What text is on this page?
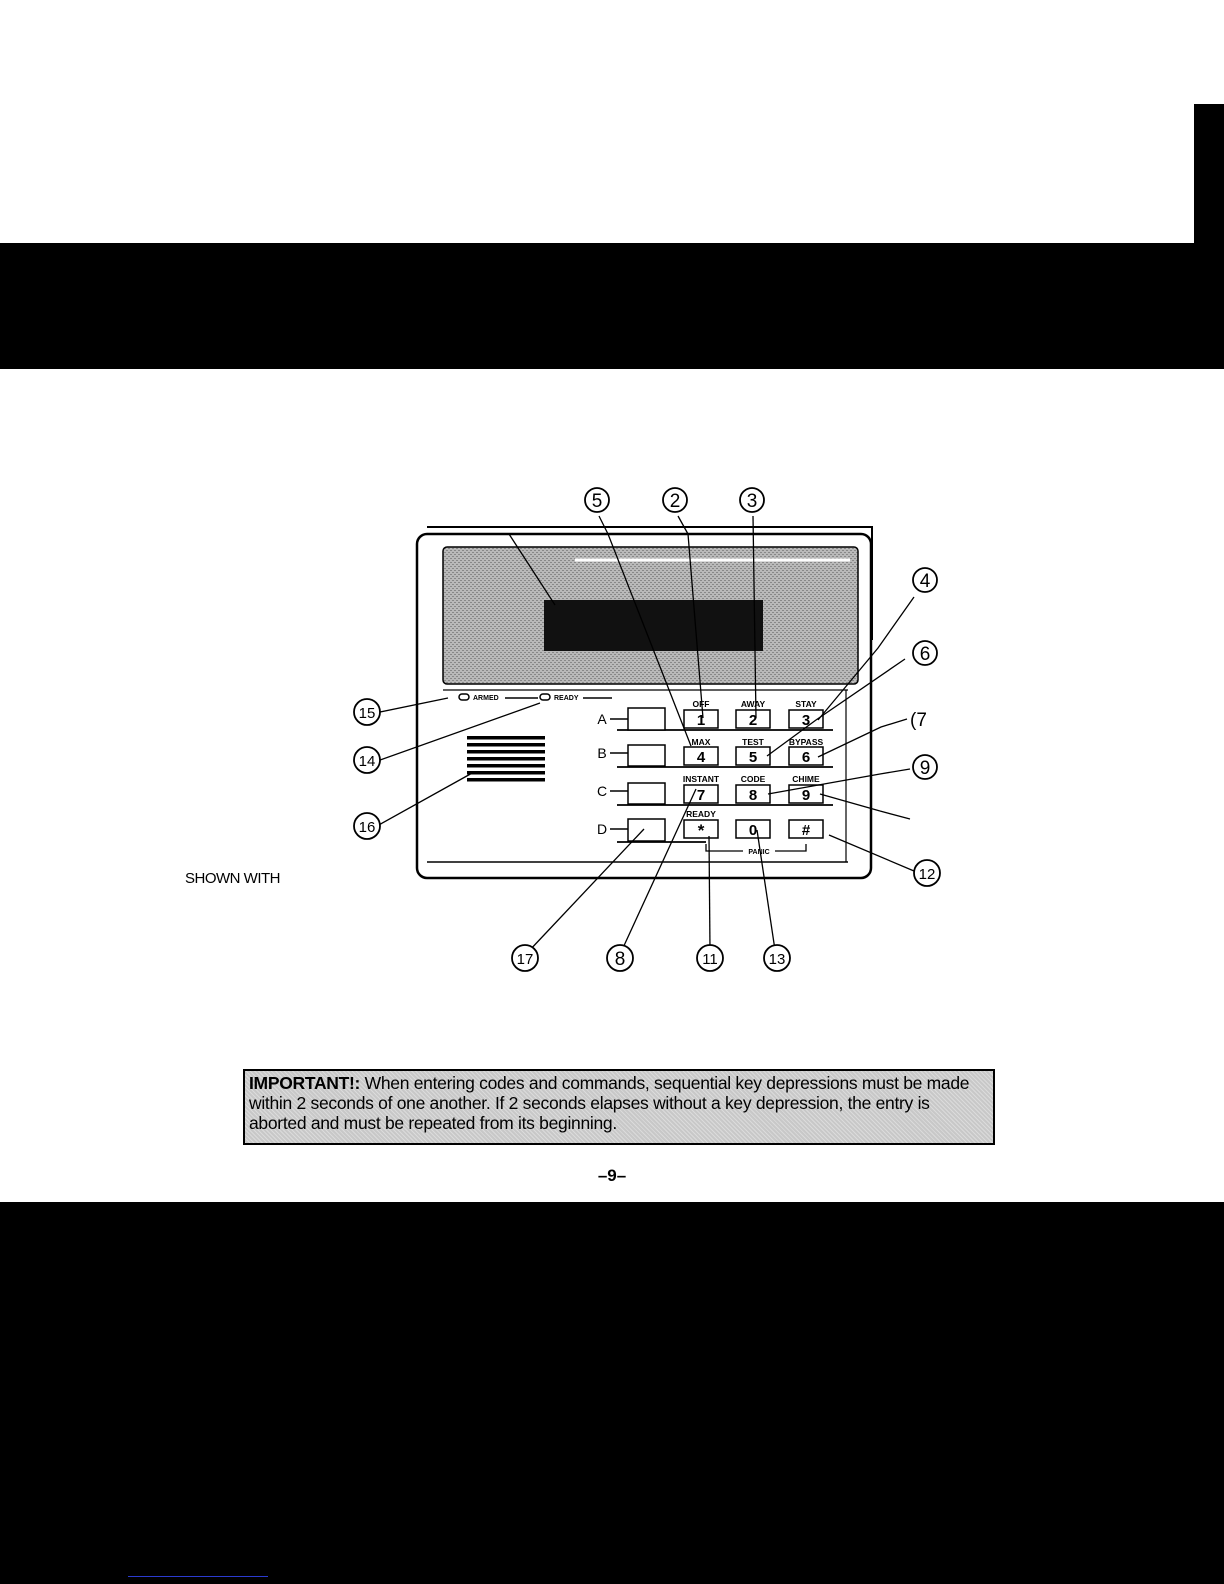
ARMED	READY
A
B
C
D
OFF
1
AWAY
2
STAY
3
MAX
4
TEST
5
BYPASS
6
INSTANT
7
CODE
8
CHIME
9
READY
*	0	#
PANIC
5	2	3
4
6
(7
9
12
15
14
16
17	8	11	13
SHOWN WITH
IMPORTANT!: When entering codes and commands, sequential key depressions must be made within 2 seconds of one another. If 2 seconds elapses without a key depression, the entry is aborted and must be repeated from its beginning.
–9–
